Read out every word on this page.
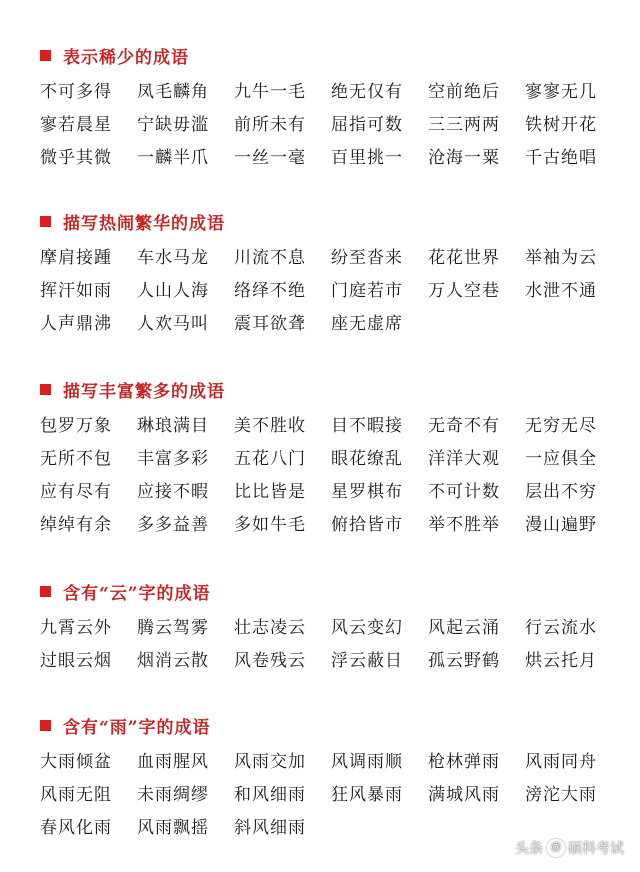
表示稀少的成语
不可多得	凤毛麟角	九牛一毛	绝无仅有	空前绝后	寥寥无几
寥若晨星	宁缺毋滥	前所未有	屈指可数	三三两两	铁树开花
微乎其微	一麟半爪	一丝一毫	百里挑一	沧海一粟	千古绝唱
描写热闹繁华的成语
摩肩接踵	车水马龙	川流不息	纷至沓来	花花世界	举袖为云
挥汗如雨	人山人海	络绎不绝	门庭若市	万人空巷	水泄不通
人声鼎沸	人欢马叫	震耳欲聋	座无虚席
描写丰富繁多的成语
包罗万象	琳琅满目	美不胜收	目不暇接	无奇不有	无穷无尽
无所不包	丰富多彩	五花八门	眼花缭乱	洋洋大观	一应俱全
应有尽有	应接不暇	比比皆是	星罗棋布	不可计数	层出不穷
绰绰有余	多多益善	多如牛毛	俯拾皆市	举不胜举	漫山遍野
含有“云”字的成语
九霄云外	腾云驾雾	壮志凌云	风云变幻	风起云涌	行云流水
过眼云烟	烟消云散	风卷残云	浮云蔽日	孤云野鹤	烘云托月
含有“雨”字的成语
大雨倾盆	血雨腥风	风雨交加	风调雨顺	枪林弹雨	风雨同舟
风雨无阻	未雨绸缪	和风细雨	狂风暴雨	满城风雨	滂沱大雨
春风化雨	风雨飘摇	斜风细雨
头条 @ 硕科考试
